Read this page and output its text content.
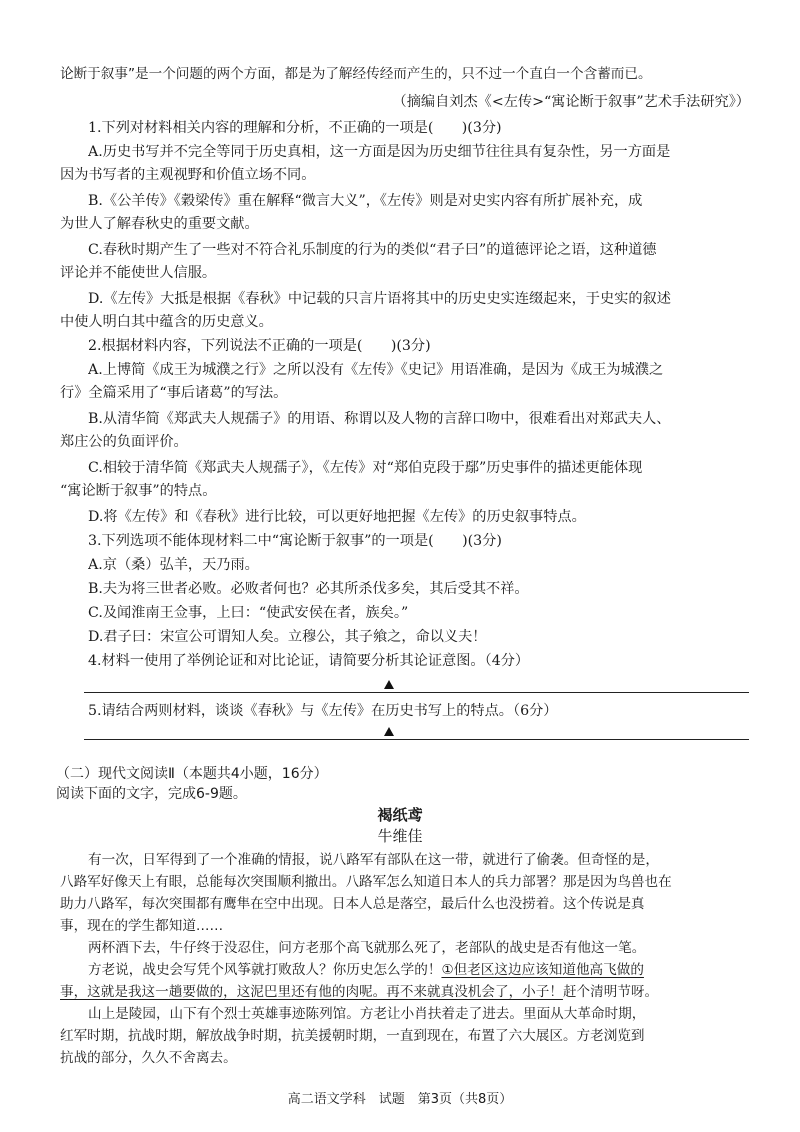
论断于叙事”是一个问题的两个方面，都是为了解经传经而产生的，只不过一个直白一个含蓄而已。
（摘编自刘杰《<左传>“寓论断于叙事”艺术手法研究》）
1.下列对材料相关内容的理解和分析，不正确的一项是(　　)(3分)
A.历史书写并不完全等同于历史真相，这一方面是因为历史细节往往具有复杂性，另一方面是
因为书写者的主观视野和价值立场不同。
B.《公羊传》《穀梁传》重在解释“微言大义”，《左传》则是对史实内容有所扩展补充，成
为世人了解春秋史的重要文献。
C.春秋时期产生了一些对不符合礼乐制度的行为的类似“君子曰”的道德评论之语，这种道德
评论并不能使世人信服。
D.《左传》大抵是根据《春秋》中记载的只言片语将其中的历史史实连缀起来，于史实的叙述
中使人明白其中蕴含的历史意义。
2.根据材料内容，下列说法不正确的一项是(　　)(3分)
A.上博简《成王为城濮之行》之所以没有《左传》《史记》用语准确，是因为《成王为城濮之
行》全篇采用了“事后诸葛”的写法。
B.从清华简《郑武夫人规孺子》的用语、称谓以及人物的言辞口吻中，很难看出对郑武夫人、
郑庄公的负面评价。
C.相较于清华简《郑武夫人规孺子》，《左传》对“郑伯克段于鄢”历史事件的描述更能体现
“寓论断于叙事”的特点。
D.将《左传》和《春秋》进行比较，可以更好地把握《左传》的历史叙事特点。
3.下列选项不能体现材料二中“寓论断于叙事”的一项是(　　)(3分)
A.京（桑）弘羊，天乃雨。
B.夫为将三世者必败。必败者何也？必其所杀伐多矣，其后受其不祥。
C.及闻淮南王佥事，上曰：“使武安侯在者，族矣。”
D.君子曰：宋宣公可谓知人矣。立穆公，其子飨之，命以义夫！
4.材料一使用了举例论证和对比论证，请简要分析其论证意图。（4分）
5.请结合两则材料，谈谈《春秋》与《左传》在历史书写上的特点。（6分）
（二）现代文阅读Ⅱ（本题共4小题，16分）
阅读下面的文字，完成6-9题。
褐纸鸢
牛维佳
有一次，日军得到了一个准确的情报，说八路军有部队在这一带，就进行了偷袭。但奇怪的是，
八路军好像天上有眼，总能每次突围顺利撤出。八路军怎么知道日本人的兵力部署？那是因为鸟兽也在
助力八路军，每次突围都有鹰隼在空中出现。日本人总是落空，最后什么也没捞着。这个传说是真
事，现在的学生都知道……
两杯酒下去，牛仔终于没忍住，问方老那个高飞就那么死了，老部队的战史是否有他这一笔。
方老说，战史会写凭个风筝就打败敌人？你历史怎么学的！①但老区这边应该知道他高飞做的
事，这就是我这一趟要做的，这泥巴里还有他的肉呢。再不来就真没机会了，小子！赶个清明节呀。
山上是陵园，山下有个烈士英雄事迹陈列馆。方老让小肖扶着走了进去。里面从大革命时期，
红军时期，抗战时期，解放战争时期，抗美援朝时期，一直到现在，布置了六大展区。方老浏览到
抗战的部分，久久不舍离去。
高二语文学科　试题　第3页（共8页）
